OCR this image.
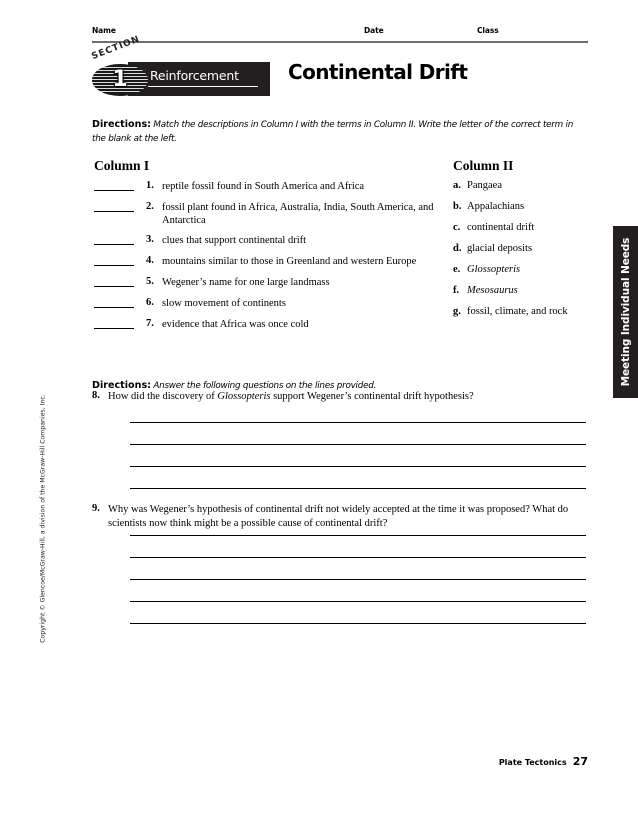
Name	Date	Class
Reinforcement
1
SECTION
Continental Drift
Directions: Match the descriptions in Column I with the terms in Column II. Write the letter of the correct term in the blank at the left.
Column I	Column II
1. reptile fossil found in South America and Africa
2. fossil plant found in Africa, Australia, India, South America, and Antarctica
3. clues that support continental drift
4. mountains similar to those in Greenland and western Europe
5. Wegener’s name for one large landmass
6. slow movement of continents
7. evidence that Africa was once cold
a. Pangaea
b. Appalachians
c. continental drift
d. glacial deposits
e. Glossopteris
f. Mesosaurus
g. fossil, climate, and rock
Directions: Answer the following questions on the lines provided.
8. How did the discovery of Glossopteris support Wegener’s continental drift hypothesis?
9. Why was Wegener’s hypothesis of continental drift not widely accepted at the time it was proposed? What do scientists now think might be a possible cause of continental drift?
Meeting Individual Needs
Copyright © Glencoe/McGraw-Hill, a division of the McGraw-Hill Companies, Inc.
Plate Tectonics 27
